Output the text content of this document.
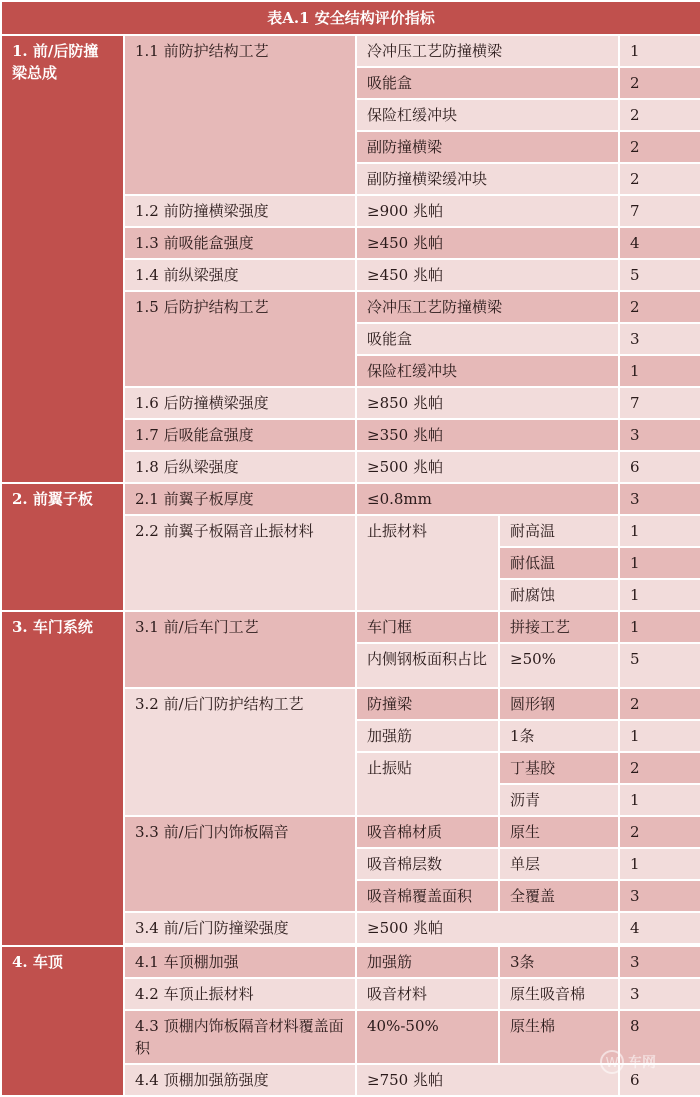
表A.1 安全结构评价指标				
1. 前/后防撞梁总成	1.1 前防护结构工艺	冷冲压工艺防撞横梁		1
		吸能盒		2
		保险杠缓冲块		2
		副防撞横梁		2
		副防撞横梁缓冲块		2
	1.2 前防撞横梁强度	≥900 兆帕		7
	1.3 前吸能盒强度	≥450 兆帕		4
	1.4 前纵梁强度	≥450 兆帕		5
	1.5 后防护结构工艺	冷冲压工艺防撞横梁		2
		吸能盒		3
		保险杠缓冲块		1
	1.6 后防撞横梁强度	≥850 兆帕		7
	1.7 后吸能盒强度	≥350 兆帕		3
	1.8 后纵梁强度	≥500 兆帕		6
2. 前翼子板	2.1 前翼子板厚度	≤0.8mm		3
	2.2 前翼子板隔音止振材料	止振材料	耐高温	1
			耐低温	1
			耐腐蚀	1
3. 车门系统	3.1 前/后车门工艺	车门框	拼接工艺	1
		内侧钢板面积占比	≥50%	5
	3.2 前/后门防护结构工艺	防撞梁	圆形钢	2
		加强筋	1条	1
		止振贴	丁基胶	2
			沥青	1
	3.3 前/后门内饰板隔音	吸音棉材质	原生	2
		吸音棉层数	单层	1
		吸音棉覆盖面积	全覆盖	3
	3.4 前/后门防撞梁强度	≥500 兆帕		4

4. 车顶	4.1 车顶棚加强	加强筋	3条	3
	4.2 车顶止振材料	吸音材料	原生吸音棉	3
	4.3 顶棚内饰板隔音材料覆盖面积	40%-50%	原生棉	8
	4.4 顶棚加强筋强度	≥750 兆帕		6
W 车网
